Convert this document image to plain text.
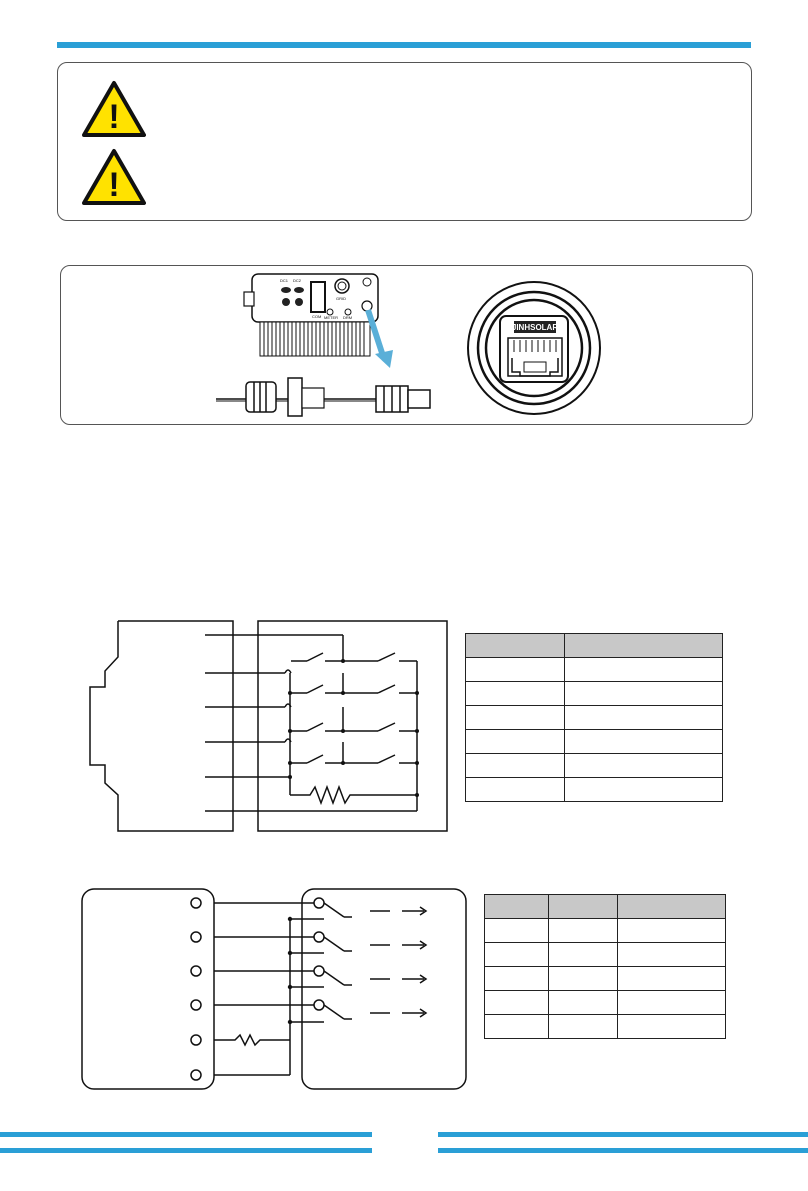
!
!
DC1 DC2
GRID
METER DRM
COM
JINHSOLAR
